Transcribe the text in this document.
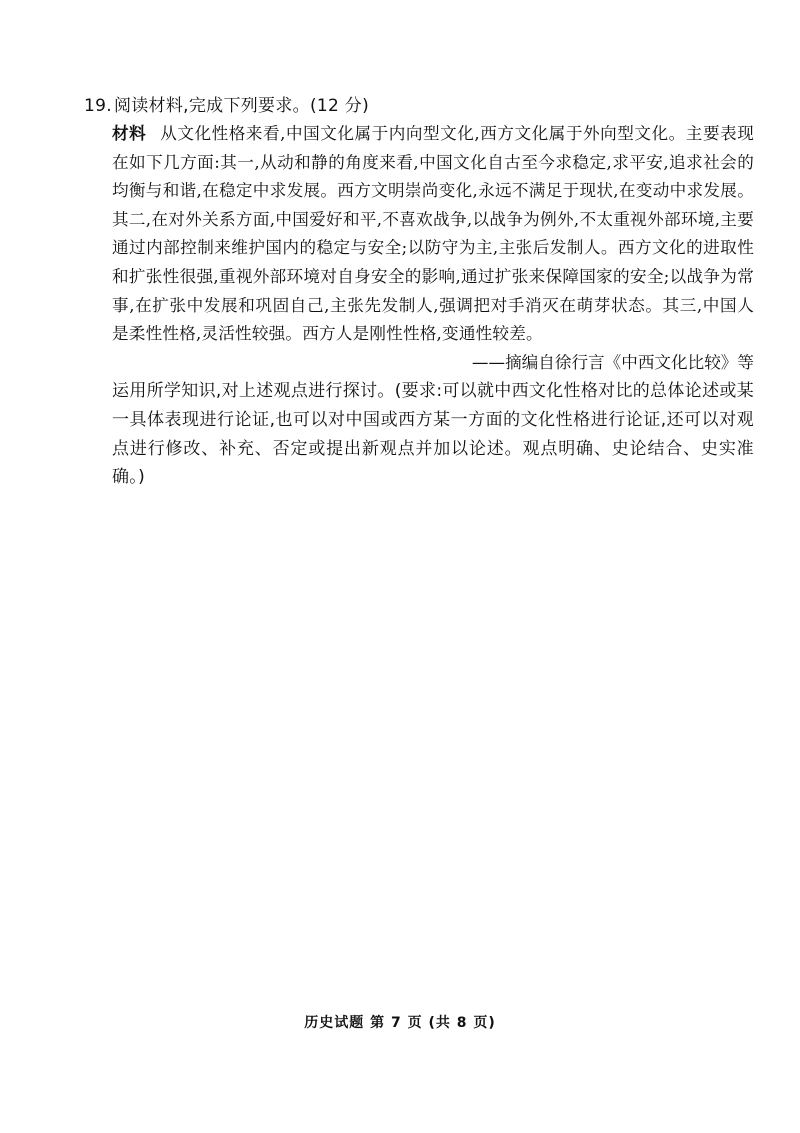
19. 阅读材料,完成下列要求。(12 分)
材料 从文化性格来看,中国文化属于内向型文化,西方文化属于外向型文化。主要表现在如下几方面:其一,从动和静的角度来看,中国文化自古至今求稳定,求平安,追求社会的均衡与和谐,在稳定中求发展。西方文明崇尚变化,永远不满足于现状,在变动中求发展。其二,在对外关系方面,中国爱好和平,不喜欢战争,以战争为例外,不太重视外部环境,主要通过内部控制来维护国内的稳定与安全;以防守为主,主张后发制人。西方文化的进取性和扩张性很强,重视外部环境对自身安全的影响,通过扩张来保障国家的安全;以战争为常事,在扩张中发展和巩固自己,主张先发制人,强调把对手消灭在萌芽状态。其三,中国人是柔性性格,灵活性较强。西方人是刚性性格,变通性较差。
——摘编自徐行言《中西文化比较》等
运用所学知识,对上述观点进行探讨。(要求:可以就中西文化性格对比的总体论述或某一具体表现进行论证,也可以对中国或西方某一方面的文化性格进行论证,还可以对观点进行修改、补充、否定或提出新观点并加以论述。观点明确、史论结合、史实准确。)
历史试题 第 7 页 (共 8 页)
